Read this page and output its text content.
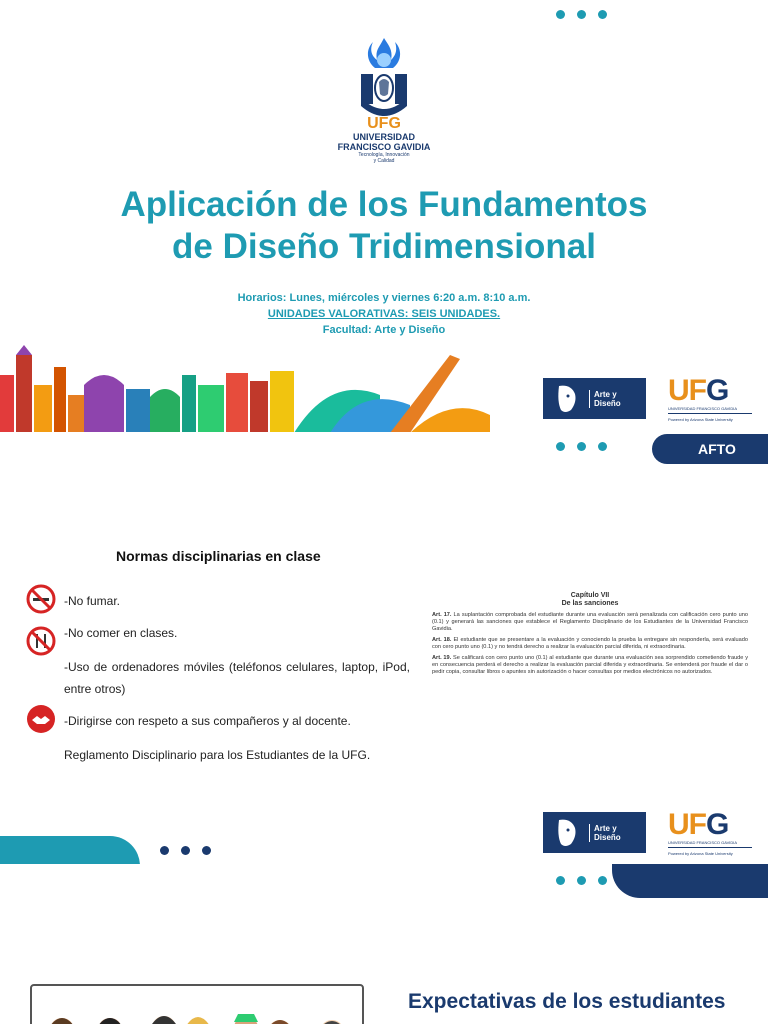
UFG
UNIVERSIDAD
FRANCISCO GAVIDIA
Tecnología, Innovación
y Calidad
Aplicación de los Fundamentos
de Diseño Tridimensional
Horarios: Lunes, miércoles y viernes 6:20 a.m. 8:10 a.m.
UNIDADES VALORATIVAS: SEIS UNIDADES.
Facultad: Arte y Diseño
Arte y
Diseño UFG
UNIVERSIDAD FRANCISCO GAVIDIA
Powered by Arizona State University
AFTO
Normas disciplinarias en clase
-No fumar.
-No comer en clases.
-Uso de ordenadores móviles (teléfonos celulares, laptop, iPod, entre otros)
-Dirigirse con respeto a sus compañeros y al docente.
Reglamento Disciplinario para los Estudiantes de la UFG.
Capítulo VII
De las sanciones

Art. 17. La suplantación comprobada del estudiante durante una evaluación será penalizada con calificación cero punto uno (0.1) y generará las sanciones que establece el Reglamento Disciplinario de los Estudiantes de la Universidad Francisco Gavidia.

Art. 18. El estudiante que se presentare a la evaluación y conociendo la prueba la entregare sin responderla, será evaluado con cero punto uno (0.1) y no tendrá derecho a realizar la evaluación parcial diferida, ni extraordinaria.

Art. 19. Se calificará con cero punto uno (0.1) al estudiante que durante una evaluación sea sorprendido cometiendo fraude y en consecuencia perderá el derecho a realizar la evaluación parcial diferida y extraordinaria. Se entenderá por fraude el dar o pedir copia, consultar libros o apuntes sin autorización o hacer consultas por medios electrónicos no autorizados.

Arte y
Diseño UFG
UNIVERSIDAD FRANCISCO GAVIDIA
Powered by Arizona State University
Expectativas de los estudiantes
